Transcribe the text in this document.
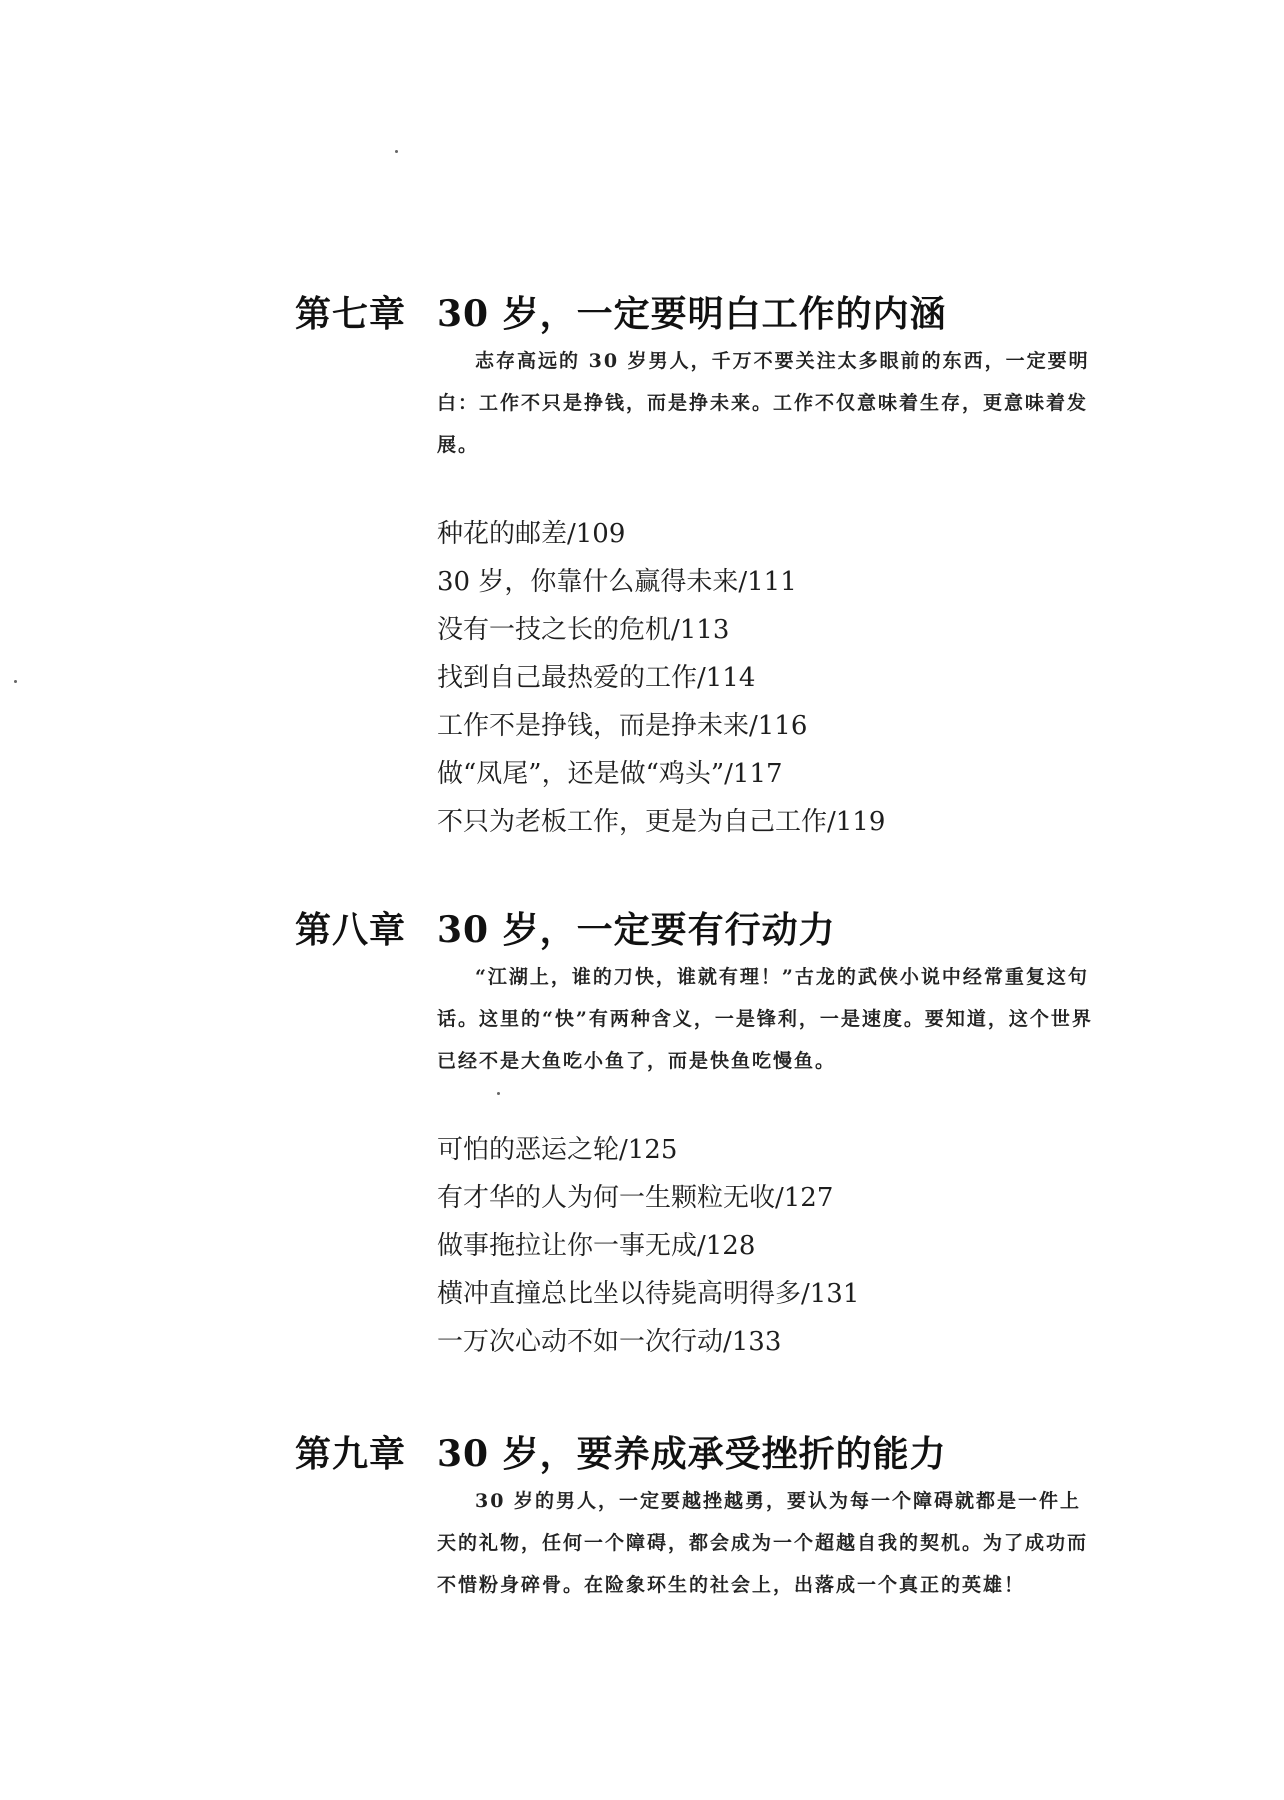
第七章 30 岁，一定要明白工作的内涵

志存高远的 30 岁男人，千万不要关注太多眼前的东西，一定要明白：工作不只是挣钱，而是挣未来。工作不仅意味着生存，更意味着发展。

种花的邮差/109
30 岁，你靠什么赢得未来/111
没有一技之长的危机/113
找到自己最热爱的工作/114
工作不是挣钱，而是挣未来/116
做“凤尾”，还是做“鸡头”/117
不只为老板工作，更是为自己工作/119
第八章 30 岁，一定要有行动力

“江湖上，谁的刀快，谁就有理！”古龙的武侠小说中经常重复这句话。这里的“快”有两种含义，一是锋利，一是速度。要知道，这个世界已经不是大鱼吃小鱼了，而是快鱼吃慢鱼。

可怕的恶运之轮/125
有才华的人为何一生颗粒无收/127
做事拖拉让你一事无成/128
横冲直撞总比坐以待毙高明得多/131
一万次心动不如一次行动/133
第九章 30 岁，要养成承受挫折的能力

30 岁的男人，一定要越挫越勇，要认为每一个障碍就都是一件上天的礼物，任何一个障碍，都会成为一个超越自我的契机。为了成功而不惜粉身碎骨。在险象环生的社会上，出落成一个真正的英雄！
